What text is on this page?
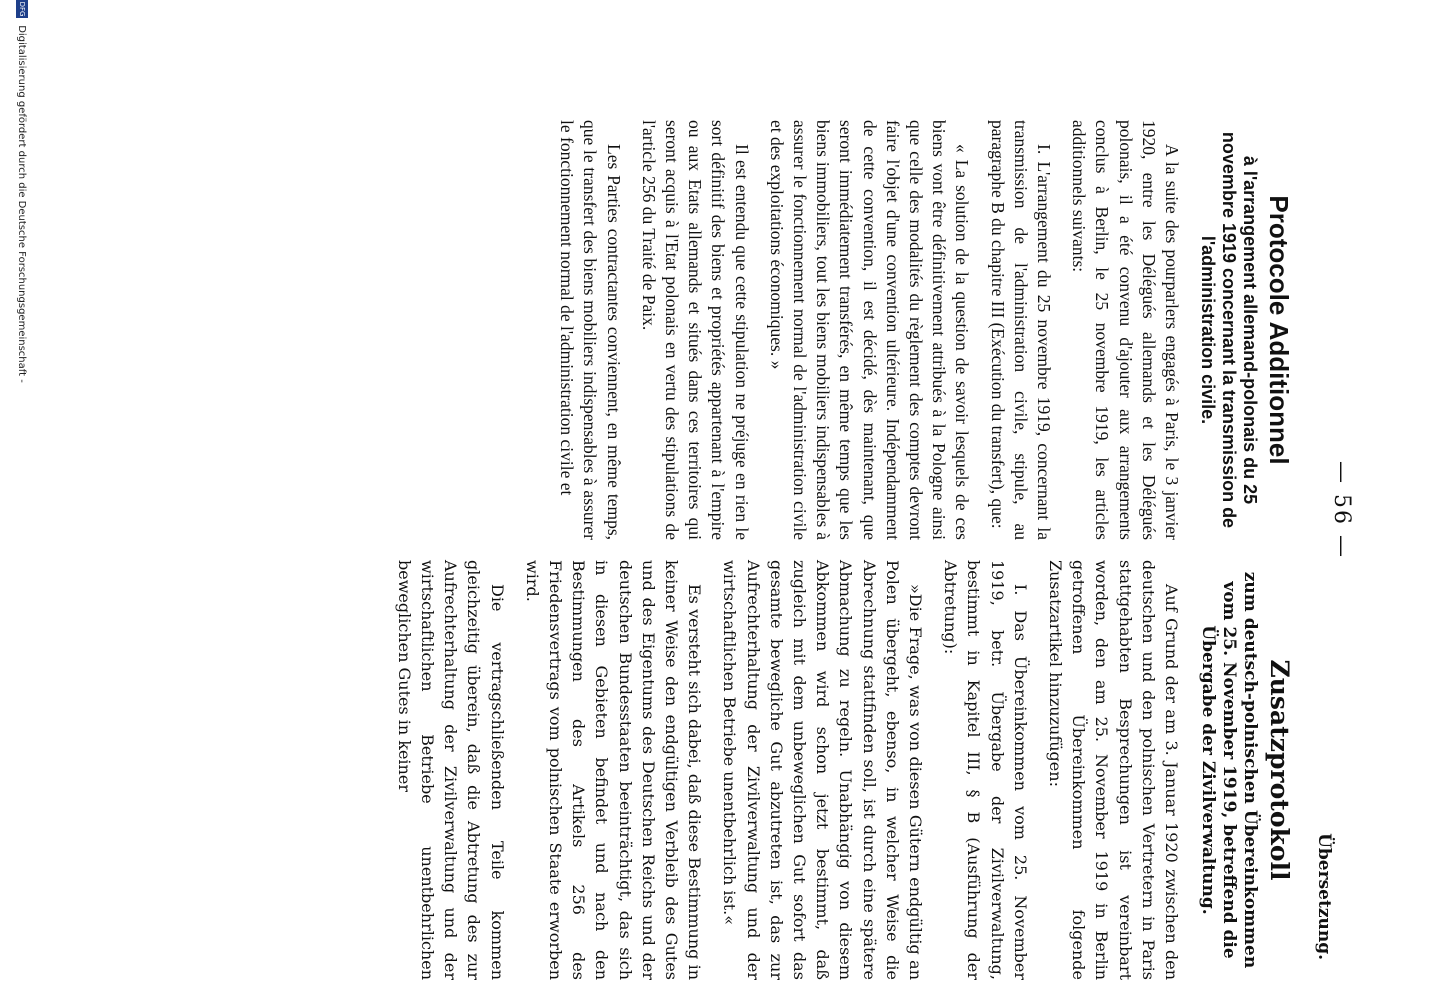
— 56 —
Übersetzung.
Protocole Additionnel
à l'arrangement allemand-polonais du 25 novembre 1919 concernant la transmission de l'administration civile.

A la suite des pourparlers engagés à Paris, le 3 janvier 1920, entre les Délégués allemands et les Délégués polonais, il a été convenu d'ajouter aux arrangements conclus à Berlin, le 25 novembre 1919, les articles additionnels suivants:

I. L'arrangement du 25 novembre 1919, concernant la transmission de l'administration civile, stipule, au paragraphe B du chapitre III (Exécution du transfert), que:

« La solution de la question de savoir lesquels de ces biens vont être définitivement attribués à la Pologne ainsi que celle des modalités du règlement des comptes devront faire l'objet d'une convention ultérieure. Indépendamment de cette convention, il est décidé, dès maintenant, que seront immédiatement transférés, en même temps que les biens immobiliers, tout les biens mobiliers indispensables à assurer le fonctionnement normal de l'administration civile et des exploitations économiques. »

Il est entendu que cette stipulation ne préjuge en rien le sort définitif des biens et propriétés appartenant à l'empire ou aux Etats allemands et situés dans ces territoires qui seront acquis à l'Etat polonais en vertu des stipulations de l'article 256 du Traité de Paix.

Les Parties contractantes conviennent, en même temps, que le transfert des biens mobiliers indispensables à assurer le fonctionnement normal de l'administration civile et

Zusatzprotokoll
zum deutsch-polnischen Übereinkommen vom 25. November 1919, betreffend die Übergabe der Zivilverwaltung.

Auf Grund der am 3. Januar 1920 zwischen den deutschen und den polnischen Vertretern in Paris stattgehabten Besprechungen ist vereinbart worden, den am 25. November 1919 in Berlin getroffenen Übereinkommen folgende Zusatzartikel hinzuzufügen:

I. Das Übereinkommen vom 25. November 1919, betr. Übergabe der Zivilverwaltung, bestimmt in Kapitel III, § B (Ausführung der Abtretung):

»Die Frage, was von diesen Gütern endgültig an Polen übergeht, ebenso, in welcher Weise die Abrechnung stattfinden soll, ist durch eine spätere Abmachung zu regeln. Unabhängig von diesem Abkommen wird schon jetzt bestimmt, daß zugleich mit dem unbeweglichen Gut sofort das gesamte bewegliche Gut abzutreten ist, das zur Aufrechterhaltung der Zivilverwaltung und der wirtschaftlichen Betriebe unentbehrlich ist.«

Es versteht sich dabei, daß diese Bestimmung in keiner Weise den endgültigen Verbleib des Gutes und des Eigentums des Deutschen Reichs und der deutschen Bundesstaaten beeinträchtigt, das sich in diesen Gebieten befindet und nach den Bestimmungen des Artikels 256 des Friedensvertrags vom polnischen Staate erworben wird.

Die vertragschließenden Teile kommen gleichzeitig überein, daß die Abtretung des zur Aufrechterhaltung der Zivilverwaltung und der wirtschaftlichen Betriebe unentbehrlichen beweglichen Gutes in keiner

DFG Digitalisierung gefördert durch die Deutsche Forschungsgemeinschaft -
